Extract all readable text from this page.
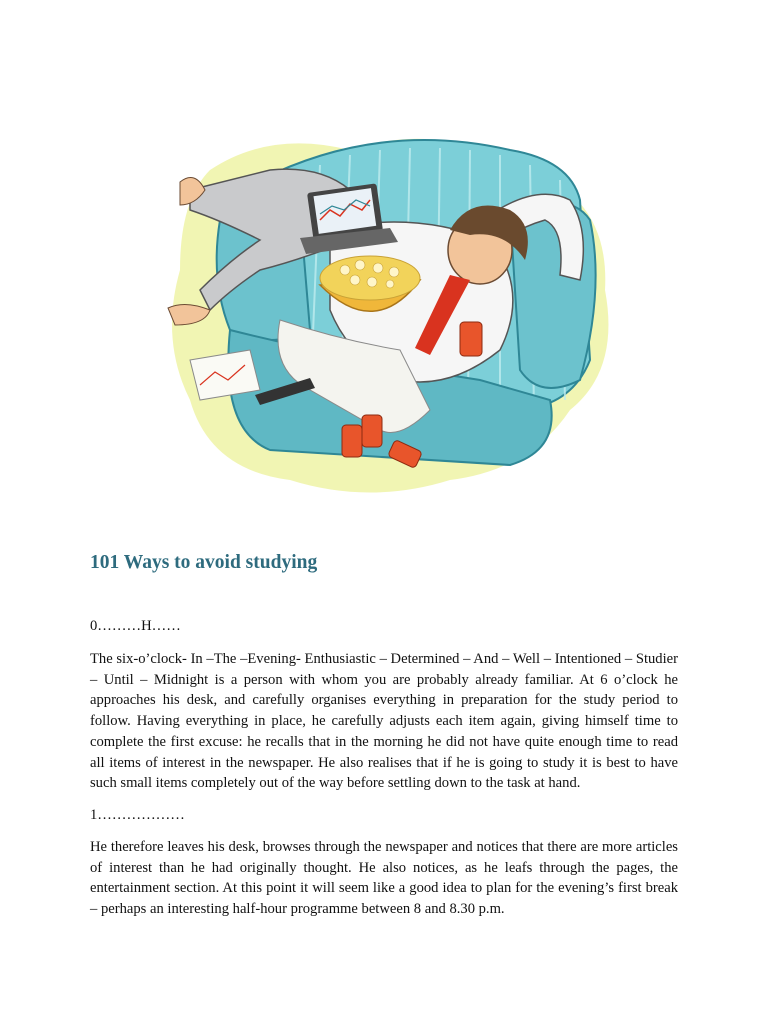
101 Ways to avoid studying

0………H……

The six-o’clock- In –The –Evening- Enthusiastic – Determined – And – Well – Intentioned – Studier – Until – Midnight is a person with whom you are probably already familiar. At 6 o’clock he approaches his desk, and carefully organises everything in preparation for the study period to follow. Having everything in place, he carefully adjusts each item again, giving himself time to complete the first excuse: he recalls that in the morning he did not have quite enough time to read all items of interest in the newspaper. He also realises that if he is going to study it is best to have such small items completely out of the way before settling down to the task at hand.

1………………

He therefore leaves his desk, browses through the newspaper and notices that there are more articles of interest than he had originally thought. He also notices, as he leafs through the pages, the entertainment section. At this point it will seem like a good idea to plan for the evening’s first break – perhaps an interesting half-hour programme between 8 and 8.30 p.m.
